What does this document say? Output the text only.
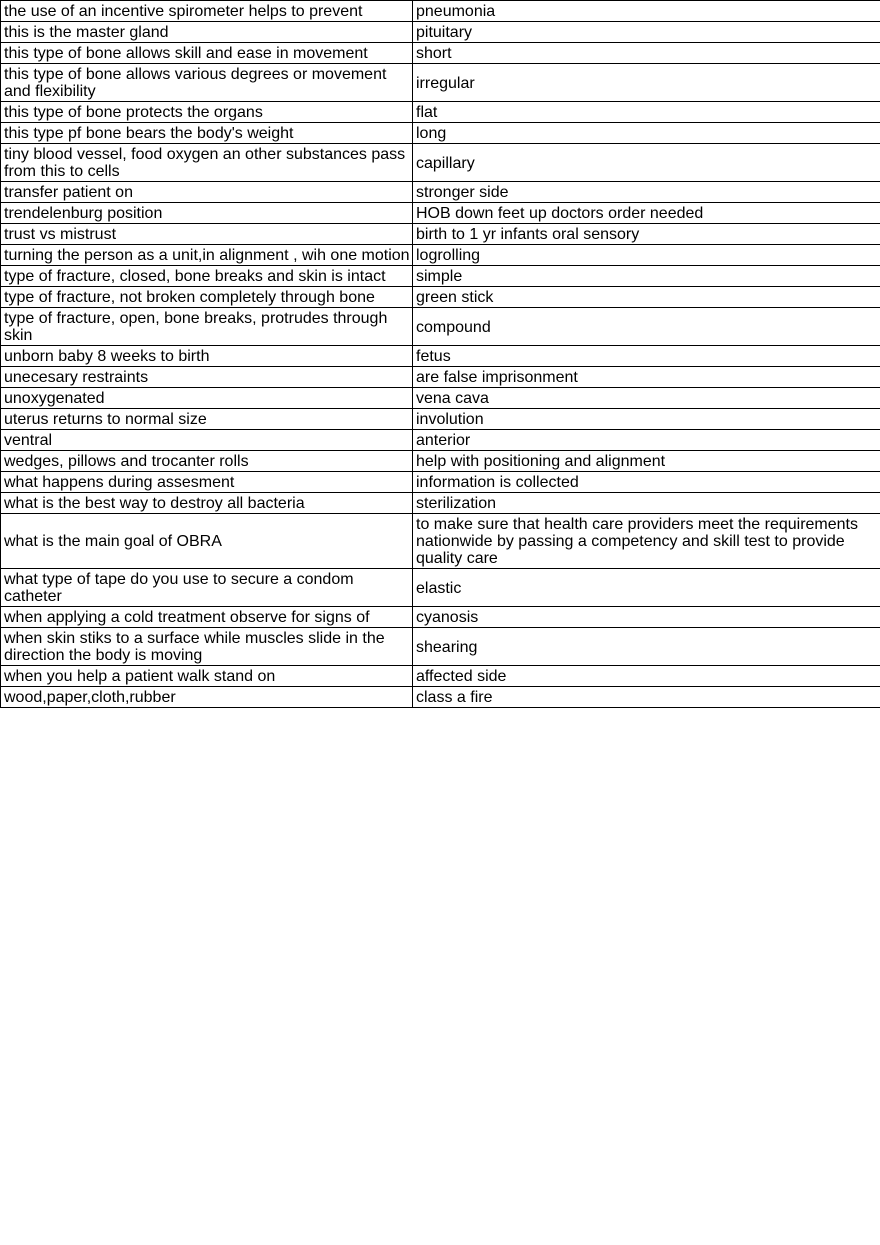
the use of an incentive spirometer helps to prevent	pneumonia
this is the master gland	pituitary
this type of bone allows skill and ease in movement	short
this type of bone allows various degrees or movement and flexibility	irregular
this type of bone protects the organs	flat
this type pf bone bears the body's weight	long
tiny blood vessel, food oxygen an other substances pass from this to cells	capillary
transfer patient on	stronger side
trendelenburg position	HOB down feet up doctors order needed
trust vs mistrust	birth to 1 yr infants oral sensory
turning the person as a unit,in alignment , wih one motion	logrolling
type of fracture, closed, bone breaks and skin is intact	simple
type of fracture, not broken completely through bone	green stick
type of fracture, open, bone breaks, protrudes through skin	compound
unborn baby 8 weeks to birth	fetus
unecesary restraints	are false imprisonment
unoxygenated	vena cava
uterus returns to normal size	involution
ventral	anterior
wedges, pillows and trocanter rolls	help with positioning and alignment
what happens during assesment	information is collected
what is the best way to destroy all bacteria	sterilization
what is the main goal of OBRA	to make sure that health care providers meet the requirements nationwide by passing a competency and skill test to provide quality care
what type of tape do you use to secure a condom catheter	elastic
when applying a cold treatment observe for signs of	cyanosis
when skin stiks to a surface while muscles slide in the direction the body is moving	shearing
when you help a patient walk stand on	affected side
wood,paper,cloth,rubber	class a fire
